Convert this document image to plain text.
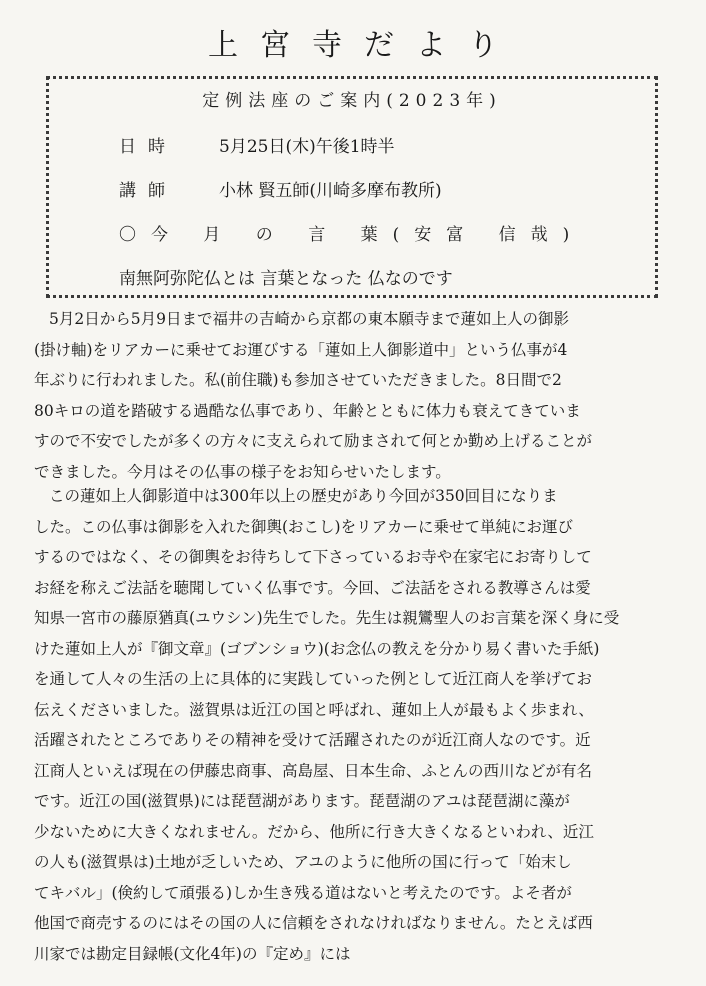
上宮寺だより
定例法座のご案内(2023年)
日時 5月25日(木)午後1時半
講師 小林 賢五師(川崎多摩布教所)
〇今 月 の 言 葉(安富 信哉)
南無阿弥陀仏とは 言葉となった 仏なのです

5月2日から5月9日まで福井の吉崎から京都の東本願寺まで蓮如上人の御影
(掛け軸)をリアカーに乗せてお運びする「蓮如上人御影道中」という仏事が4
年ぶりに行われました。私(前住職)も参加させていただきました。8日間で2
80キロの道を踏破する過酷な仏事であり、年齢とともに体力も衰えてきていま
すので不安でしたが多くの方々に支えられて励まされて何とか勤め上げることが
できました。今月はその仏事の様子をお知らせいたします。

この蓮如上人御影道中は300年以上の歴史があり今回が350回目になりま
した。この仏事は御影を入れた御輿(おこし)をリアカーに乗せて単純にお運び
するのではなく、その御輿をお待ちして下さっているお寺や在家宅にお寄りして
お経を称えご法話を聴聞していく仏事です。今回、ご法話をされる教導さんは愛
知県一宮市の藤原猶真(ユウシン)先生でした。先生は親鸞聖人のお言葉を深く身に受
けた蓮如上人が『御文章』(ゴブンショウ)(お念仏の教えを分かり易く書いた手紙)
を通して人々の生活の上に具体的に実践していった例として近江商人を挙げてお
伝えくださいました。滋賀県は近江の国と呼ばれ、蓮如上人が最もよく歩まれ、
活躍されたところでありその精神を受けて活躍されたのが近江商人なのです。近
江商人といえば現在の伊藤忠商事、高島屋、日本生命、ふとんの西川などが有名
です。近江の国(滋賀県)には琵琶湖があります。琵琶湖のアユは琵琶湖に藻が
少ないために大きくなれません。だから、他所に行き大きくなるといわれ、近江
の人も(滋賀県は)土地が乏しいため、アユのように他所の国に行って「始末し
てキバル」(倹約して頑張る)しか生き残る道はないと考えたのです。よそ者が
他国で商売するのにはその国の人に信頼をされなければなりません。たとえば西
川家では勘定目録帳(文化4年)の『定め』には
